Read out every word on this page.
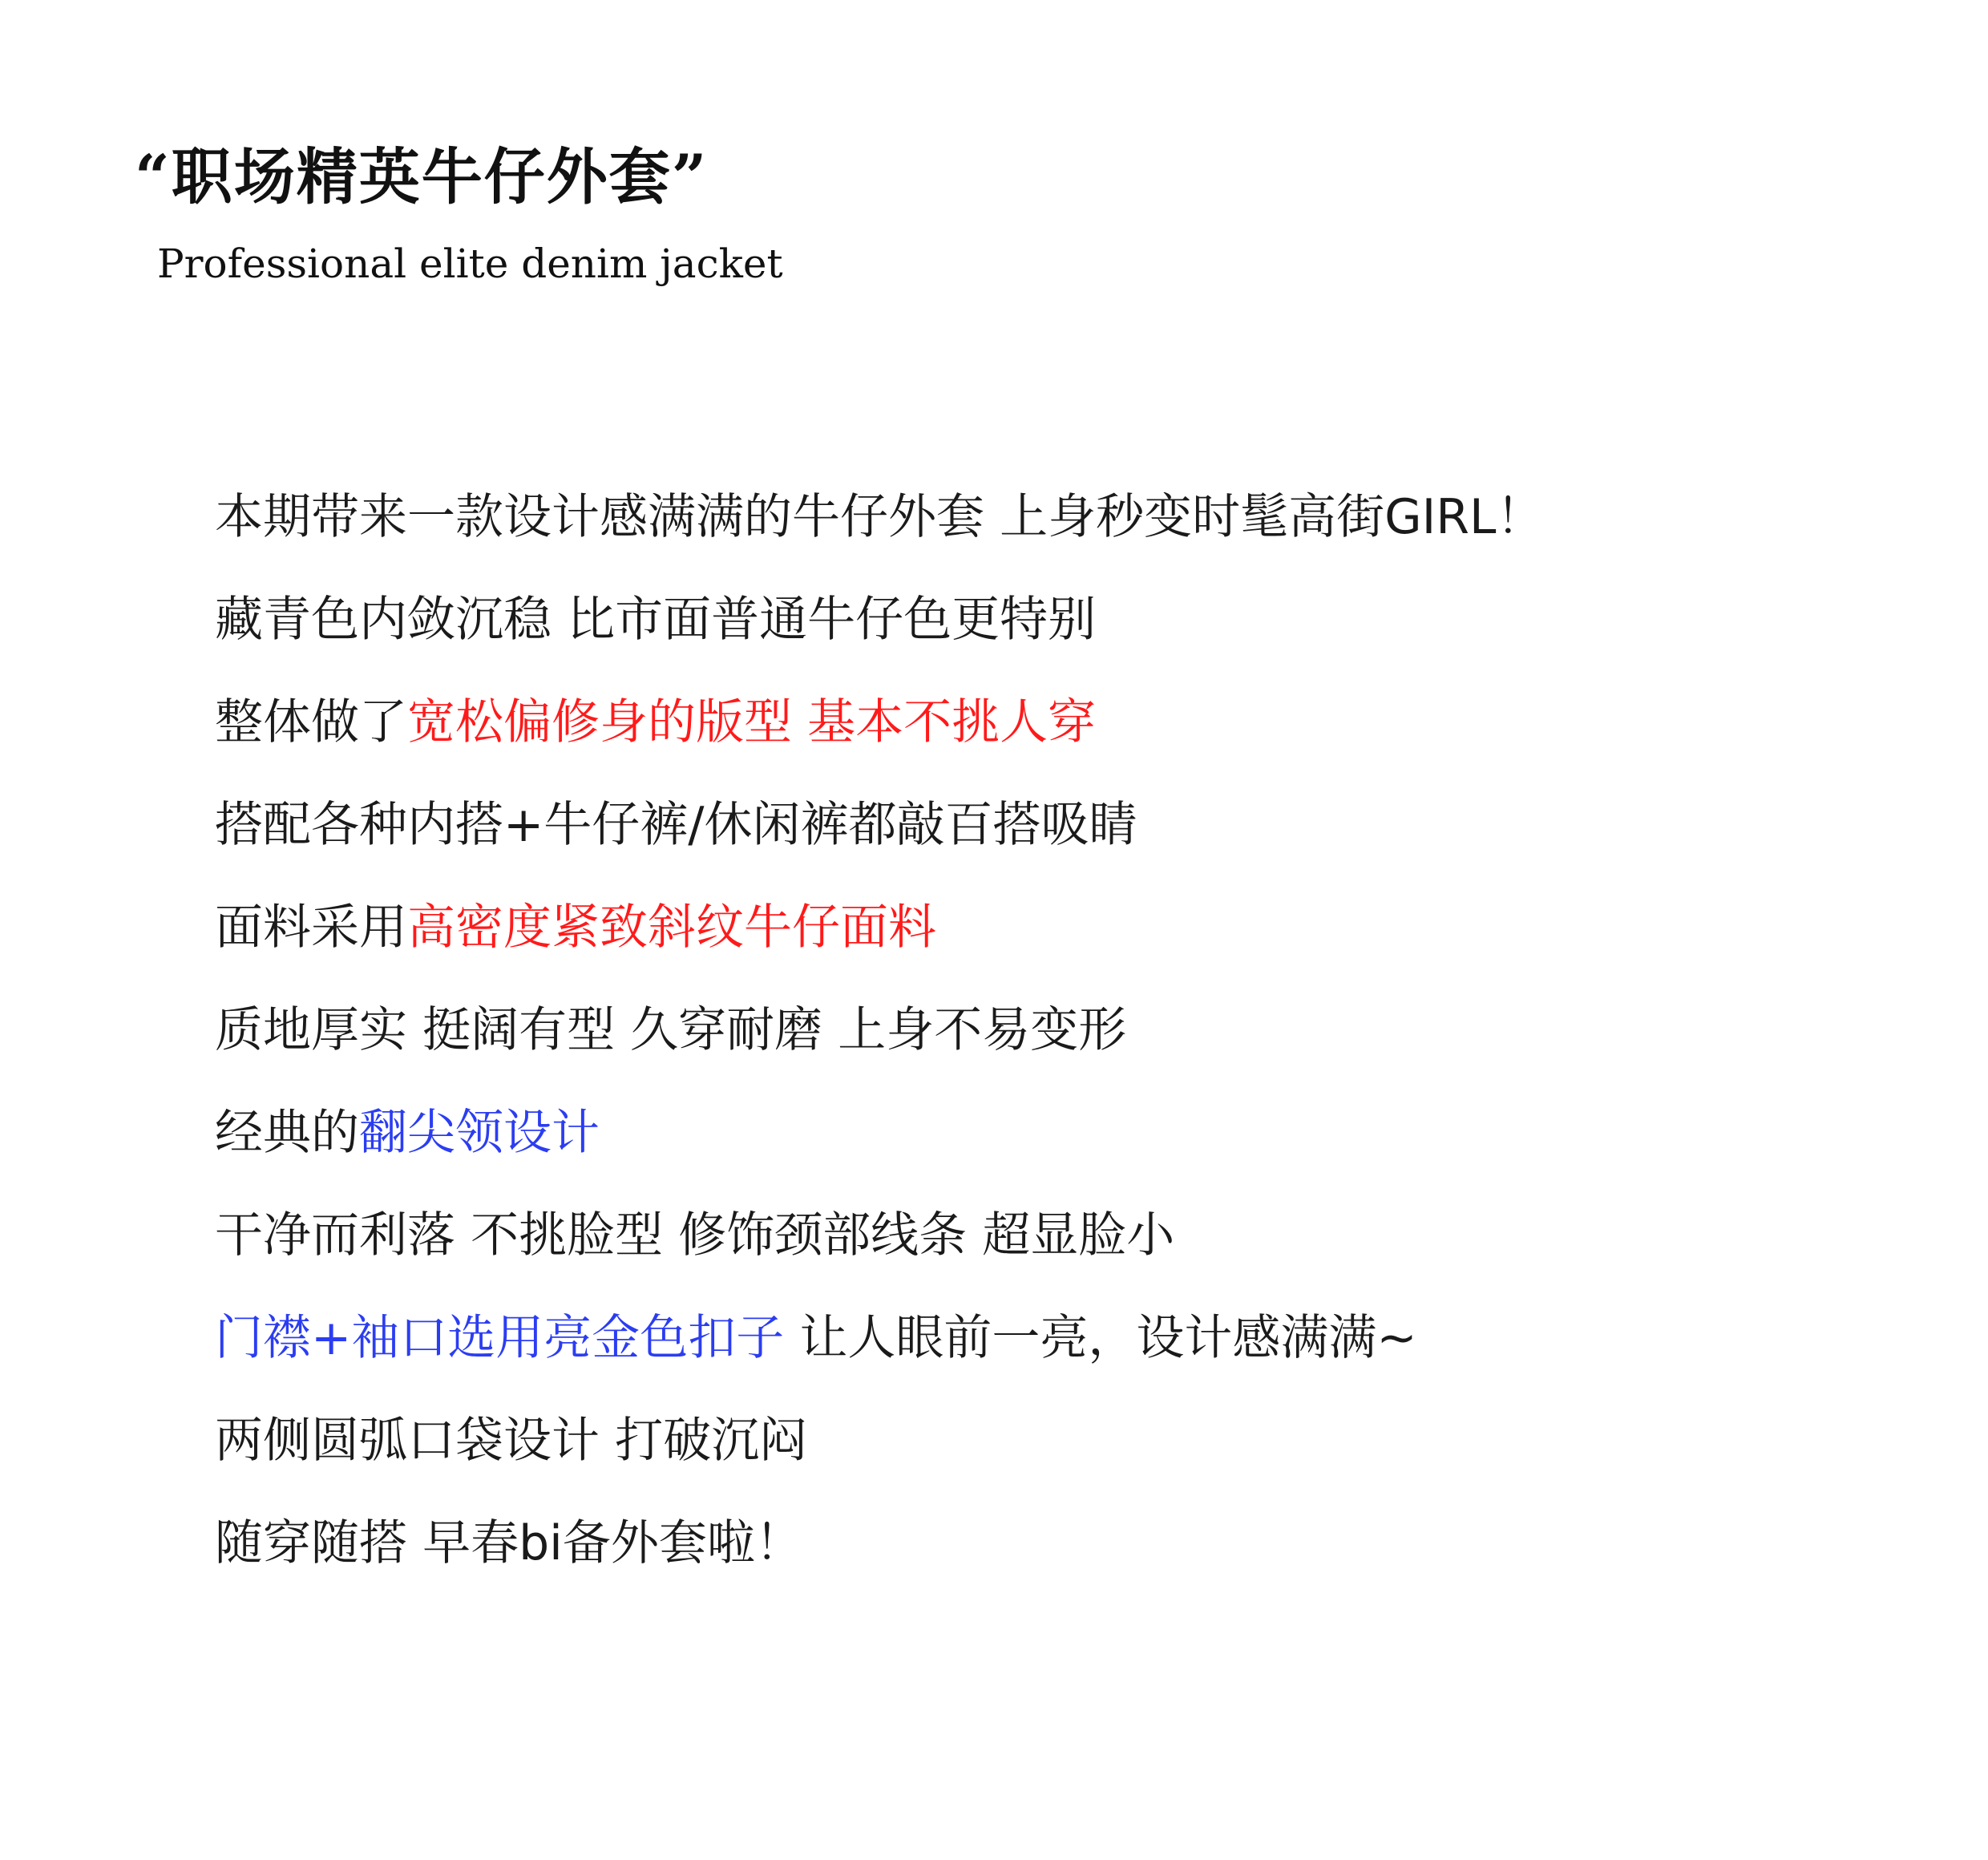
“职场精英牛仔外套”
Professional elite denim jacket
本期带来一款设计感满满的牛仔外套 上身秒变时髦高街GIRL！
藏青色内敛沉稳 比市面普通牛仔色更特别
整体做了宽松偏修身的版型 基本不挑人穿
搭配各种内搭+牛仔裤/休闲裤都敲百搭吸睛
面料采用高密度紧致斜纹牛仔面料
质地厚实 挺阔有型 久穿耐磨 上身不易变形
经典的翻尖领设计
干净而利落 不挑脸型 修饰颈部线条 超显脸小
门襟+袖口选用亮金色扣子 让人眼前一亮，设计感满满~
两侧圆弧口袋设计 打破沉闷
随穿随搭 早春bi备外套啦！
